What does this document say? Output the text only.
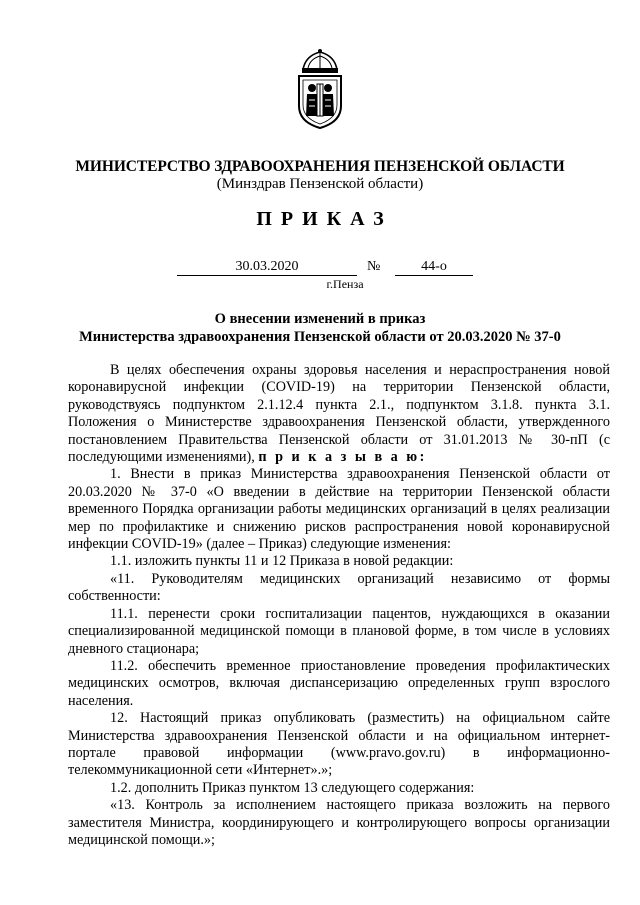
МИНИСТЕРСТВО ЗДРАВООХРАНЕНИЯ ПЕНЗЕНСКОЙ ОБЛАСТИ
(Минздрав Пензенской области)
ПРИКАЗ
30.03.2020	№	44-о
г.Пенза
О внесении изменений в приказ
Министерства здравоохранения Пензенской области от 20.03.2020 № 37-0

В целях обеспечения охраны здоровья населения и нераспространения новой коронавирусной инфекции (COVID-19) на территории Пензенской области, руководствуясь подпунктом 2.1.12.4 пункта 2.1., подпунктом 3.1.8. пункта 3.1. Положения о Министерстве здравоохранения Пензенской области, утвержденного постановлением Правительства Пензенской области от 31.01.2013 № 30-пП (с последующими изменениями), п р и к а з ы в а ю:

1. Внести в приказ Министерства здравоохранения Пензенской области от 20.03.2020 № 37-0 «О введении в действие на территории Пензенской области временного Порядка организации работы медицинских организаций в целях реализации мер по профилактике и снижению рисков распространения новой коронавирусной инфекции COVID-19» (далее – Приказ) следующие изменения:

1.1. изложить пункты 11 и 12 Приказа в новой редакции:

«11. Руководителям медицинских организаций независимо от формы собственности:

11.1. перенести сроки госпитализации пацентов, нуждающихся в оказании специализированной медицинской помощи в плановой форме, в том числе в условиях дневного стационара;

11.2. обеспечить временное приостановление проведения профилактических медицинских осмотров, включая диспансеризацию определенных групп взрослого населения.

12. Настоящий приказ опубликовать (разместить) на официальном сайте Министерства здравоохранения Пензенской области и на официальном интернет-портале правовой информации (www.pravo.gov.ru) в информационно-телекоммуникационной сети «Интернет».»;

1.2. дополнить Приказ пунктом 13 следующего содержания:

«13. Контроль за исполнением настоящего приказа возложить на первого заместителя Министра, координирующего и контролирующего вопросы организации медицинской помощи.»;
